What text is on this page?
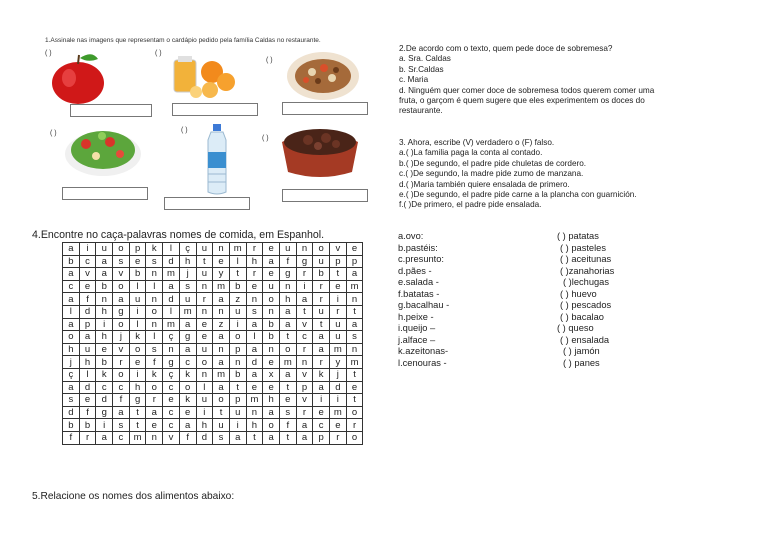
1.Assinale nas imagens que representam o cardápio pedido pela família Caldas no restaurante.
( )	( )
( )
( )	( )
( )
2.De acordo com o texto, quem pede doce de sobremesa?
a. Sra. Caldas
b. Sr.Caldas
c. Maria
d. Ninguém quer comer doce de sobremesa todos querem comer uma
fruta, o garçom é quem sugere que eles experimentem os doces do
restaurante.
3. Ahora, escribe (V) verdadero o (F) falso.
a.( )La familia paga la conta al contado.
b.( )De segundo, el padre pide chuletas de cordero.
c.( )De segundo, la madre pide zumo de manzana.
d.( )Maria también quiere ensalada de primero.
e.( )De segundo, el padre pide carne a la plancha con guarnición.
f.( )De primero, el padre pide ensalada.
4.Encontre no caça-palavras nomes de comida, em Espanhol.
a	i	u	o	p	k	l	ç	u	n	m	r	e	u	n	o	v	e
b	c	a	s	e	s	d	h	t	e	l	h	a	f	g	u	p	p
a	v	a	v	b	n	m	j	u	y	t	r	e	g	r	b	t	a
c	e	b	o	l	l	a	s	n	m	b	e	u	n	i	r	e	m
a	f	n	a	u	n	d	u	r	a	z	n	o	h	a	r	i	n
l	d	h	g	i	o	l	m	n	n	u	s	n	a	t	u	r	t
a	p	i	o	l	n	m	a	e	z	i	a	b	a	v	t	u	a
o	a	h	j	k	l	ç	g	e	a	o	l	b	t	c	a	u	s
h	u	e	v	o	s	n	a	u	n	p	a	n	o	r	a	m	n
j	h	b	r	e	f	g	c	o	a	n	d	e	m	n	r	y	m
ç	l	k	o	i	k	ç	k	n	m	b	a	x	a	v	k	j	t
a	d	c	c	h	o	c	o	l	a	t	e	e	t	p	a	d	e
s	e	d	f	g	r	e	k	u	o	p	m	h	e	v	i	i	t
d	f	g	a	t	a	c	e	i	t	u	n	a	s	r	e	m	o
b	b	i	s	t	e	c	a	h	u	i	h	o	f	a	c	e	r
f	r	a	c	m	n	v	f	d	s	a	t	a	t	a	p	r	o
a.ovo:	( ) patatas
b.pastéis:	( ) pasteles
c.presunto:	( ) aceitunas
d.pães -	( )zanahorias
e.salada -	( )lechugas
f.batatas -	( ) huevo
g.bacalhau -	( ) pescados
h.peixe -	( ) bacalao
i.queijo –	( ) queso
j.alface –	( ) ensalada
k.azeitonas-	( ) jamón
l.cenouras -	( ) panes
5.Relacione os nomes dos alimentos abaixo:
